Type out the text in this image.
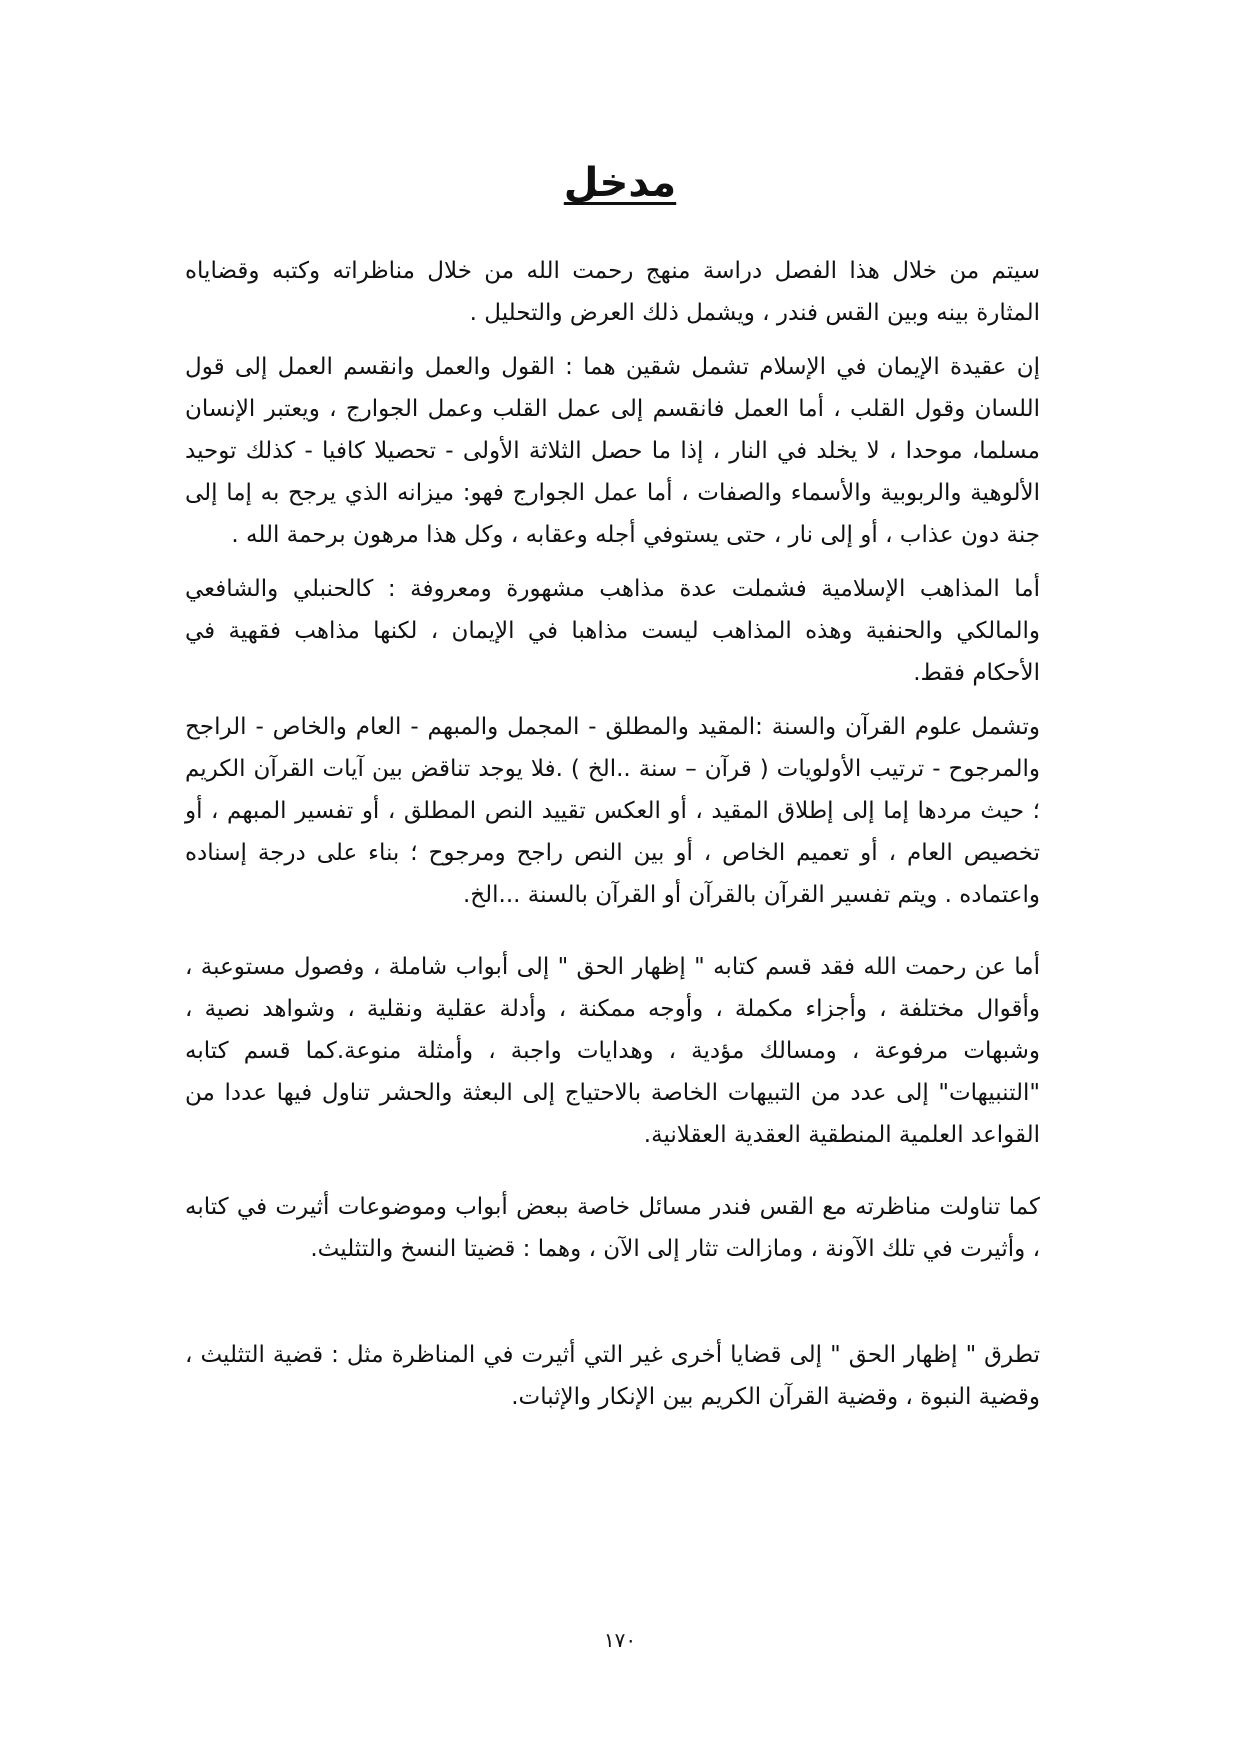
مدخل

سيتم من خلال هذا الفصل دراسة منهج رحمت الله من خلال مناظراته وكتبه وقضاياه المثارة بينه وبين القس فندر ، ويشمل ذلك العرض والتحليل .

إن عقيدة الإيمان في الإسلام تشمل شقين هما : القول والعمل وانقسم العمل إلى قول اللسان وقول القلب ، أما العمل فانقسم إلى عمل القلب وعمل الجوارج ، ويعتبر الإنسان مسلما، موحدا ، لا يخلد في النار ، إذا ما حصل الثلاثة الأولى - تحصيلا كافيا - كذلك توحيد الألوهية والربوبية والأسماء والصفات ، أما عمل الجوارج فهو: ميزانه الذي يرجح به إما إلى جنة دون عذاب ، أو إلى نار ، حتى يستوفي أجله وعقابه ، وكل هذا مرهون برحمة الله .

أما المذاهب الإسلامية فشملت عدة مذاهب مشهورة ومعروفة : كالحنبلي والشافعي والمالكي والحنفية وهذه المذاهب ليست مذاهبا في الإيمان ، لكنها مذاهب فقهية في الأحكام فقط.

وتشمل علوم القرآن والسنة :المقيد والمطلق - المجمل والمبهم - العام والخاص - الراجح والمرجوح - ترتيب الأولويات ( قرآن – سنة ..الخ ) .فلا يوجد تناقض بين آيات القرآن الكريم ؛ حيث مردها إما إلى إطلاق المقيد ، أو العكس تقييد النص المطلق ، أو تفسير المبهم ، أو تخصيص العام ، أو تعميم الخاص ، أو بين النص راجح ومرجوح ؛ بناء على درجة إسناده واعتماده . ويتم تفسير القرآن بالقرآن أو القرآن بالسنة ...الخ.

أما عن رحمت الله فقد قسم كتابه " إظهار الحق " إلى أبواب شاملة ، وفصول مستوعبة ، وأقوال مختلفة ، وأجزاء مكملة ، وأوجه ممكنة ، وأدلة عقلية ونقلية ، وشواهد نصية ، وشبهات مرفوعة ، ومسالك مؤدية ، وهدايات واجبة ، وأمثلة منوعة.كما قسم كتابه "التنبيهات" إلى عدد من التبيهات الخاصة بالاحتياج إلى البعثة والحشر تناول فيها عددا من القواعد العلمية المنطقية العقدية العقلانية.

كما تناولت مناظرته مع القس فندر مسائل خاصة ببعض أبواب وموضوعات أثيرت في كتابه ، وأثيرت في تلك الآونة ، ومازالت تثار إلى الآن ، وهما : قضيتا النسخ والتثليث.

تطرق " إظهار الحق " إلى قضايا أخرى غير التي أثيرت في المناظرة مثل : قضية التثليث ، وقضية النبوة ، وقضية القرآن الكريم بين الإنكار والإثبات.

١٧٠
